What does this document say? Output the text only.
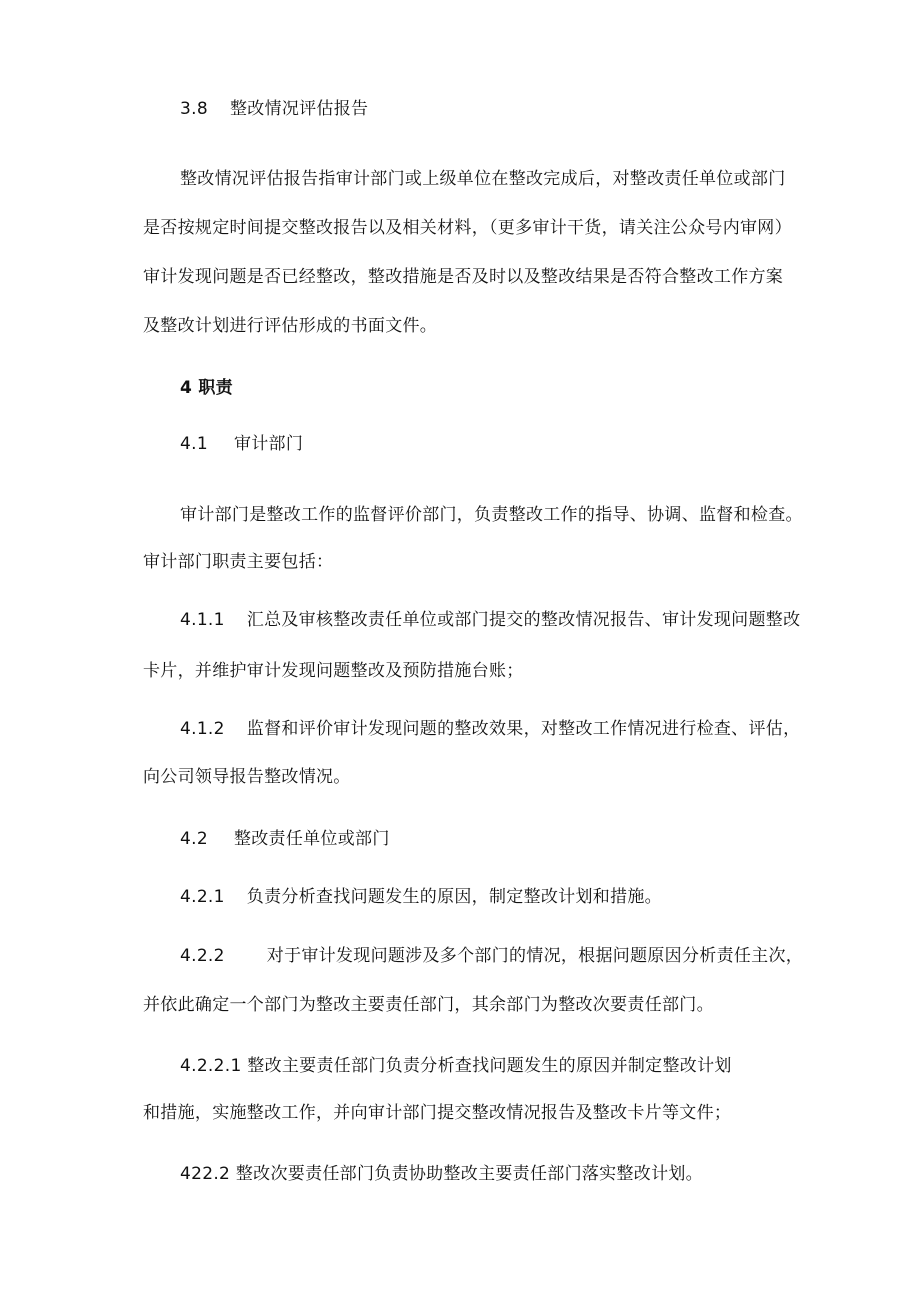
3.8 整改情况评估报告
整改情况评估报告指审计部门或上级单位在整改完成后，对整改责任单位或部门
是否按规定时间提交整改报告以及相关材料，（更多审计干货，请关注公众号内审网）
审计发现问题是否已经整改，整改措施是否及时以及整改结果是否符合整改工作方案
及整改计划进行评估形成的书面文件。
4 职责
4.1 审计部门
审计部门是整改工作的监督评价部门，负责整改工作的指导、协调、监督和检查。
审计部门职责主要包括：
4.1.1 汇总及审核整改责任单位或部门提交的整改情况报告、审计发现问题整改
卡片，并维护审计发现问题整改及预防措施台账；
4.1.2 监督和评价审计发现问题的整改效果，对整改工作情况进行检查、评估，
向公司领导报告整改情况。
4.2 整改责任单位或部门
4.2.1 负责分析查找问题发生的原因，制定整改计划和措施。
4.2.2 对于审计发现问题涉及多个部门的情况，根据问题原因分析责任主次，
并依此确定一个部门为整改主要责任部门，其余部门为整改次要责任部门。
4.2.2.1 整改主要责任部门负责分析查找问题发生的原因并制定整改计划
和措施，实施整改工作，并向审计部门提交整改情况报告及整改卡片等文件；
422.2 整改次要责任部门负责协助整改主要责任部门落实整改计划。
